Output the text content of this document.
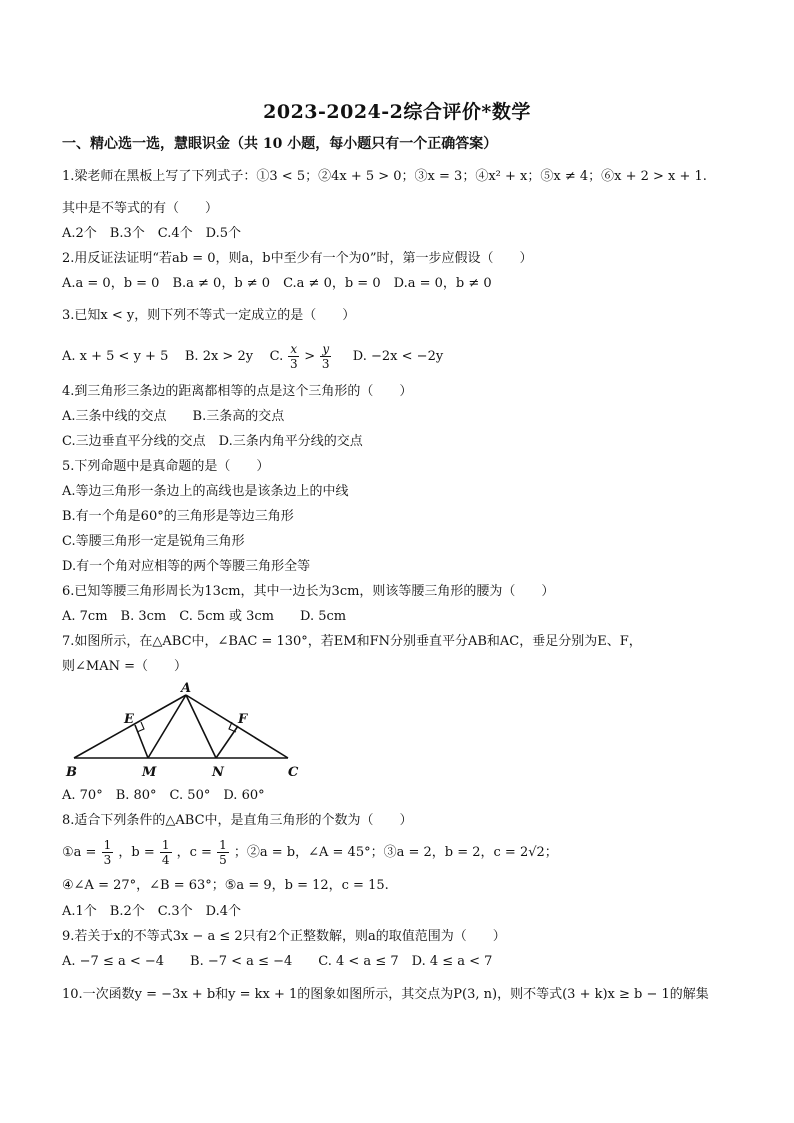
2023-2024-2综合评价*数学
一、精心选一选，慧眼识金（共 10 小题，每小题只有一个正确答案）
1.梁老师在黑板上写了下列式子：①3 < 5；②4x + 5 > 0；③x = 3；④x² + x；⑤x ≠ 4；⑥x + 2 > x + 1.
其中是不等式的有（　　）
A.2个　B.3个　C.4个　D.5个
2.用反证法证明“若ab = 0，则a，b中至少有一个为0”时，第一步应假设（　　）
A.a = 0，b = 0　B.a ≠ 0，b ≠ 0　C.a ≠ 0，b = 0　D.a = 0，b ≠ 0
3.已知x < y，则下列不等式一定成立的是（　　）
A. x + 5 < y + 5 B. 2x > 2y C. $\frac{x}{3} > \frac{y}{3} D$. −2x < −2y
4.到三角形三条边的距离都相等的点是这个三角形的（　　）
A.三条中线的交点　　B.三条高的交点
C.三边垂直平分线的交点　D.三条内角平分线的交点
5.下列命题中是真命题的是（　　）
A.等边三角形一条边上的高线也是该条边上的中线
B.有一个角是60°的三角形是等边三角形
C.等腰三角形一定是锐角三角形
D.有一个角对应相等的两个等腰三角形全等
6.已知等腰三角形周长为13cm，其中一边长为3cm，则该等腰三角形的腰为（　　）
A. 7cm　B. 3cm　C. 5cm 或 3cm　　D. 5cm
7.如图所示，在△ABC中，∠BAC = 130°，若EM和FN分别垂直平分AB和AC，垂足分别为E、F，
则∠MAN =（　　）
A
B	C
E	F
M	N
A. 70°　B. 80°　C. 50°　D. 60°
8.适合下列条件的△ABC中，是直角三角形的个数为（　　）
①a = $\frac{1}{3}$ ，$b = \frac{1}{4}$ ，$c = \frac{1}{5}$ ；②a = b，∠A = 45°；③a = 2，b = 2，c = 2√2；
④∠A = 27°，∠B = 63°；⑤a = 9，b = 12，c = 15.
A.1个　B.2个　C.3个　D.4个
9.若关于x的不等式3x − a ≤ 2只有2个正整数解，则a的取值范围为（　　）
A. −7 ≤ a < −4　　B. −7 < a ≤ −4　　C. 4 < a ≤ 7　D. 4 ≤ a < 7
10.一次函数y = −3x + b和y = kx + 1的图象如图所示，其交点为P(3, n)，则不等式(3 + k)x ≥ b − 1的解集
